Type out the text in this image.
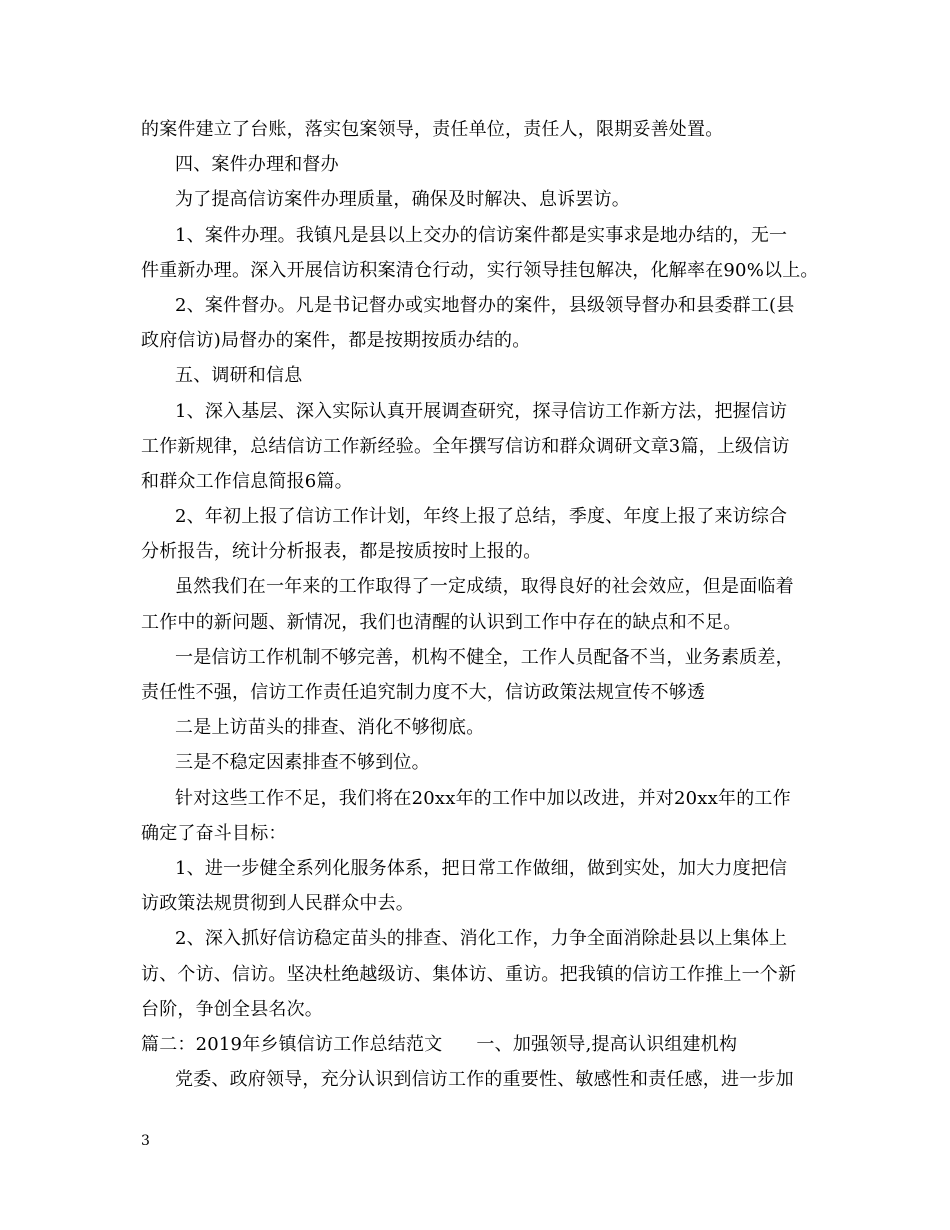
的案件建立了台账，落实包案领导，责任单位，责任人，限期妥善处置。
四、案件办理和督办
为了提高信访案件办理质量，确保及时解决、息诉罢访。
1、案件办理。我镇凡是县以上交办的信访案件都是实事求是地办结的，无一
件重新办理。深入开展信访积案清仓行动，实行领导挂包解决，化解率在90%以上。
2、案件督办。凡是书记督办或实地督办的案件，县级领导督办和县委群工(县
政府信访)局督办的案件，都是按期按质办结的。
五、调研和信息
1、深入基层、深入实际认真开展调查研究，探寻信访工作新方法，把握信访
工作新规律，总结信访工作新经验。全年撰写信访和群众调研文章3篇，上级信访
和群众工作信息简报6篇。
2、年初上报了信访工作计划，年终上报了总结，季度、年度上报了来访综合
分析报告，统计分析报表，都是按质按时上报的。
虽然我们在一年来的工作取得了一定成绩，取得良好的社会效应，但是面临着
工作中的新问题、新情况，我们也清醒的认识到工作中存在的缺点和不足。
一是信访工作机制不够完善，机构不健全，工作人员配备不当，业务素质差，
责任性不强，信访工作责任追究制力度不大，信访政策法规宣传不够透
二是上访苗头的排查、消化不够彻底。
三是不稳定因素排查不够到位。
针对这些工作不足，我们将在20xx年的工作中加以改进，并对20xx年的工作
确定了奋斗目标：
1、进一步健全系列化服务体系，把日常工作做细，做到实处，加大力度把信
访政策法规贯彻到人民群众中去。
2、深入抓好信访稳定苗头的排查、消化工作，力争全面消除赴县以上集体上
访、个访、信访。坚决杜绝越级访、集体访、重访。把我镇的信访工作推上一个新
台阶，争创全县名次。
篇二：2019年乡镇信访工作总结范文 一、加强领导,提高认识组建机构
党委、政府领导，充分认识到信访工作的重要性、敏感性和责任感，进一步加
3
